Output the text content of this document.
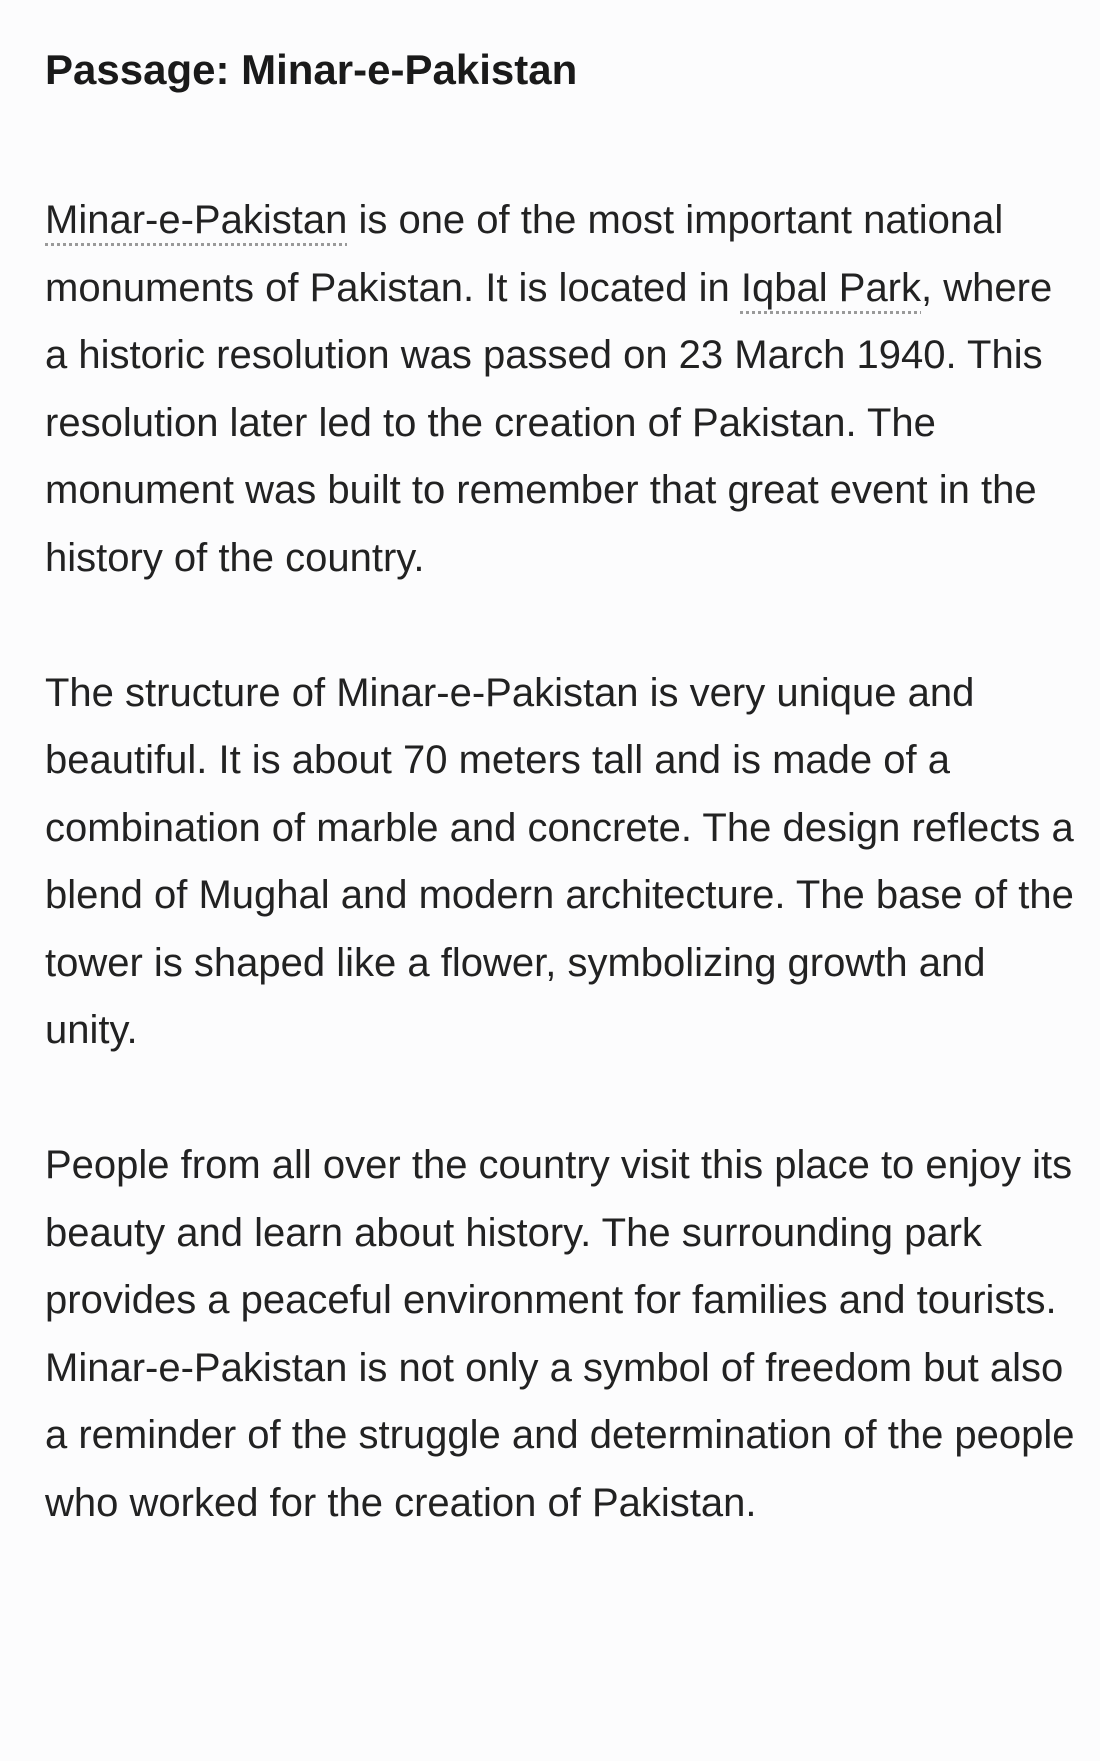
Passage: Minar-e-Pakistan

Minar-e-Pakistan is one of the most important national monuments of Pakistan. It is located in Iqbal Park, where a historic resolution was passed on 23 March 1940. This resolution later led to the creation of Pakistan. The monument was built to remember that great event in the history of the country.

The structure of Minar-e-Pakistan is very unique and beautiful. It is about 70 meters tall and is made of a combination of marble and concrete. The design reflects a blend of Mughal and modern architecture. The base of the tower is shaped like a flower, symbolizing growth and unity.

People from all over the country visit this place to enjoy its beauty and learn about history. The surrounding park provides a peaceful environment for families and tourists. Minar-e-Pakistan is not only a symbol of freedom but also a reminder of the struggle and determination of the people who worked for the creation of Pakistan.
